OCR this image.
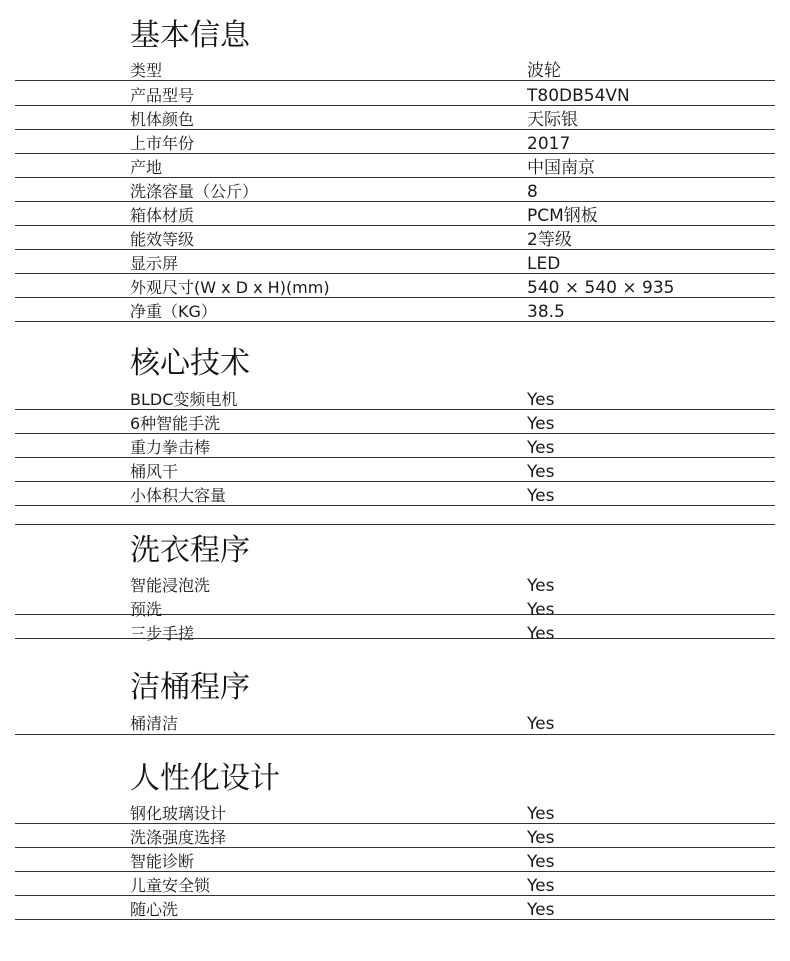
基本信息
类型	波轮
产品型号	T80DB54VN
机体颜色	天际银
上市年份	2017
产地	中国南京
洗涤容量（公斤）	8
箱体材质	PCM钢板
能效等级	2等级
显示屏	LED
外观尺寸(W x D x H)(mm)	540 × 540 × 935
净重（KG）	38.5
核心技术
BLDC变频电机	Yes
6种智能手洗	Yes
重力拳击棒	Yes
桶风干	Yes
小体积大容量	Yes
洗衣程序
智能浸泡洗	Yes
预洗	Yes
三步手搓	Yes
洁桶程序
桶清洁	Yes
人性化设计
钢化玻璃设计	Yes
洗涤强度选择	Yes
智能诊断	Yes
儿童安全锁	Yes
随心洗	Yes
